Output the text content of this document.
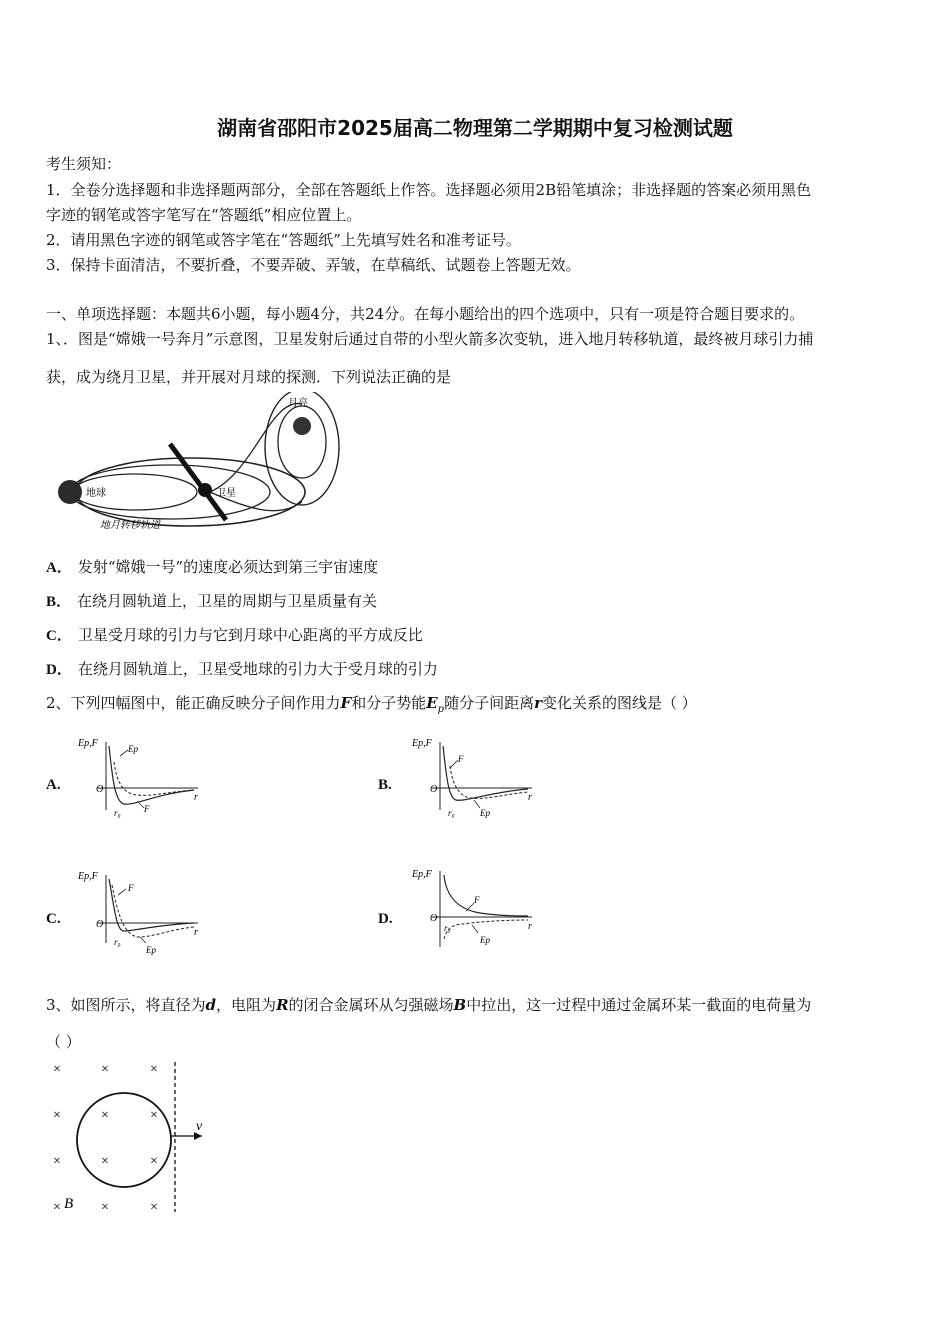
湖南省邵阳市2025届高二物理第二学期期中复习检测试题
考生须知：
1．全卷分选择题和非选择题两部分，全部在答题纸上作答。选择题必须用2B铅笔填涂；非选择题的答案必须用黑色
字迹的钢笔或答字笔写在“答题纸”相应位置上。
2．请用黑色字迹的钢笔或答字笔在“答题纸”上先填写姓名和准考证号。
3．保持卡面清洁，不要折叠，不要弄破、弄皱，在草稿纸、试题卷上答题无效。
一、单项选择题：本题共6小题，每小题4分，共24分。在每小题给出的四个选项中，只有一项是符合题目要求的。
1、．图是“嫦娥一号奔月”示意图，卫星发射后通过自带的小型火箭多次变轨，进入地月转移轨道，最终被月球引力捕
获，成为绕月卫星，并开展对月球的探测．下列说法正确的是
月亮
地球	卫星
地月转移轨道
A． 发射“嫦娥一号”的速度必须达到第三宇宙速度
B． 在绕月圆轨道上，卫星的周期与卫星质量有关
C． 卫星受月球的引力与它到月球中心距离的平方成反比
D． 在绕月圆轨道上，卫星受地球的引力大于受月球的引力
2、下列四幅图中，能正确反映分子间作用力F和分子势能$E_p$随分子间距离r变化关系的图线是（ ）
A.	B.
C.	D.
Ep,F
O
r
r₀
Ep
F
Ep,F
O
r
r₀
F
Ep
Ep,F
O
r
r₀
F
Ep
Ep,F
O
r
r₀
F
Ep
3、如图所示，将直径为d，电阻为R的闭合金属环从匀强磁场B中拉出，这一过程中通过金属环某一截面的电荷量为
（ ）
v
×	×	×
×	×	×
×	×	×
×	×	×
B
